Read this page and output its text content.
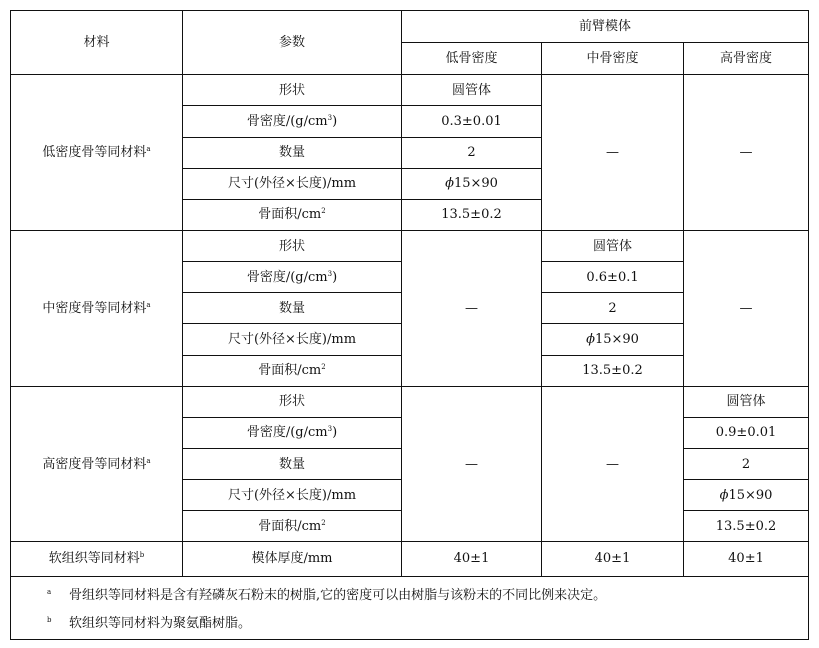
材料	参数	前臂模体		
		低骨密度	中骨密度	高骨密度
低密度骨等同材料$^a$	形状	圆管体	—	—
	骨密度$/(g/cm^3)$	0.3±0.01		
	数量	2		
	尺寸(外径×长度)/mm	ϕ15×90		
	骨面积$/cm^2$	13.5±0.2		
中密度骨等同材料$^a$	形状	—	圆管体	—
	骨密度$/(g/cm^3)$		0.6±0.1	
	数量		2	
	尺寸(外径×长度)/mm		ϕ15×90	
	骨面积$/cm^2$		13.5±0.2	
高密度骨等同材料$^a$	形状	—	—	圆管体
	骨密度$/(g/cm^3)$			0.9±0.01
	数量			2
	尺寸(外径×长度)/mm			ϕ15×90
	骨面积$/cm^2$			13.5±0.2
软组织等同材料$^b$	模体厚度/mm	40±1	40±1	40±1

a 骨组织等同材料是含有羟磷灰石粉末的树脂,它的密度可以由树脂与该粉末的不同比例来决定。
b 软组织等同材料为聚氨酯树脂。				
